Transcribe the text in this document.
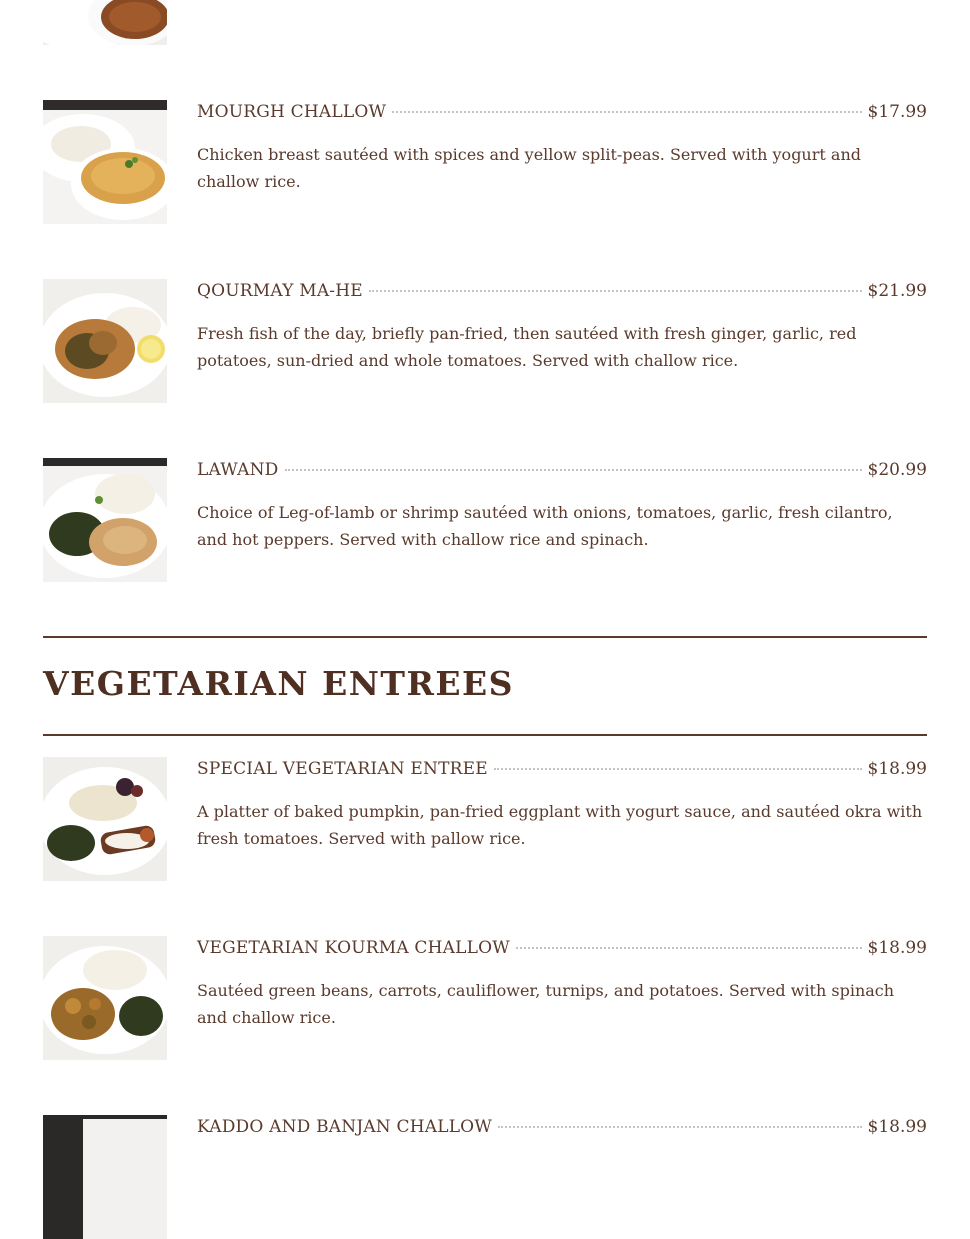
MOURGH CHALLOW	$17.99
Chicken breast sautéed with spices and yellow split-peas. Served with yogurt and challow rice.
QOURMAY MA-HE	$21.99
Fresh fish of the day, briefly pan-fried, then sautéed with fresh ginger, garlic, red potatoes, sun-dried and whole tomatoes. Served with challow rice.
LAWAND	$20.99
Choice of Leg-of-lamb or shrimp sautéed with onions, tomatoes, garlic, fresh cilantro, and hot peppers. Served with challow rice and spinach.
VEGETARIAN ENTREES
SPECIAL VEGETARIAN ENTREE	$18.99
A platter of baked pumpkin, pan-fried eggplant with yogurt sauce, and sautéed okra with fresh tomatoes. Served with pallow rice.
VEGETARIAN KOURMA CHALLOW	$18.99
Sautéed green beans, carrots, cauliflower, turnips, and potatoes. Served with spinach and challow rice.
KADDO AND BANJAN CHALLOW	$18.99
